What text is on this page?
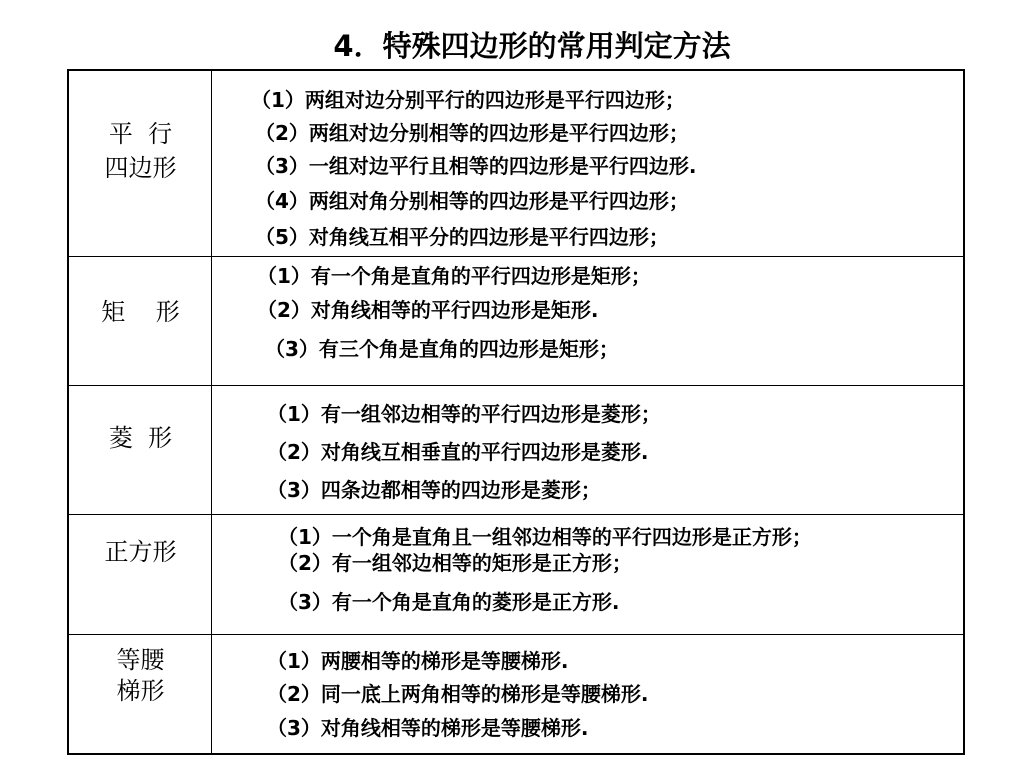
4．特殊四边形的常用判定方法
平  行
四边形
（1）两组对边分别平行的四边形是平行四边形；
（2）两组对边分别相等的四边形是平行四边形；
（3）一组对边平行且相等的四边形是平行四边形.
（4）两组对角分别相等的四边形是平行四边形；
（5）对角线互相平分的四边形是平行四边形；
矩    形
（1）有一个角是直角的平行四边形是矩形；
（2）对角线相等的平行四边形是矩形.
（3）有三个角是直角的四边形是矩形；
菱  形
（1）有一组邻边相等的平行四边形是菱形；
（2）对角线互相垂直的平行四边形是菱形.
（3）四条边都相等的四边形是菱形；
正方形
（1）一个角是直角且一组邻边相等的平行四边形是正方形；
（2）有一组邻边相等的矩形是正方形；
（3）有一个角是直角的菱形是正方形.
等腰
梯形
（1）两腰相等的梯形是等腰梯形.
（2）同一底上两角相等的梯形是等腰梯形.
（3）对角线相等的梯形是等腰梯形.
